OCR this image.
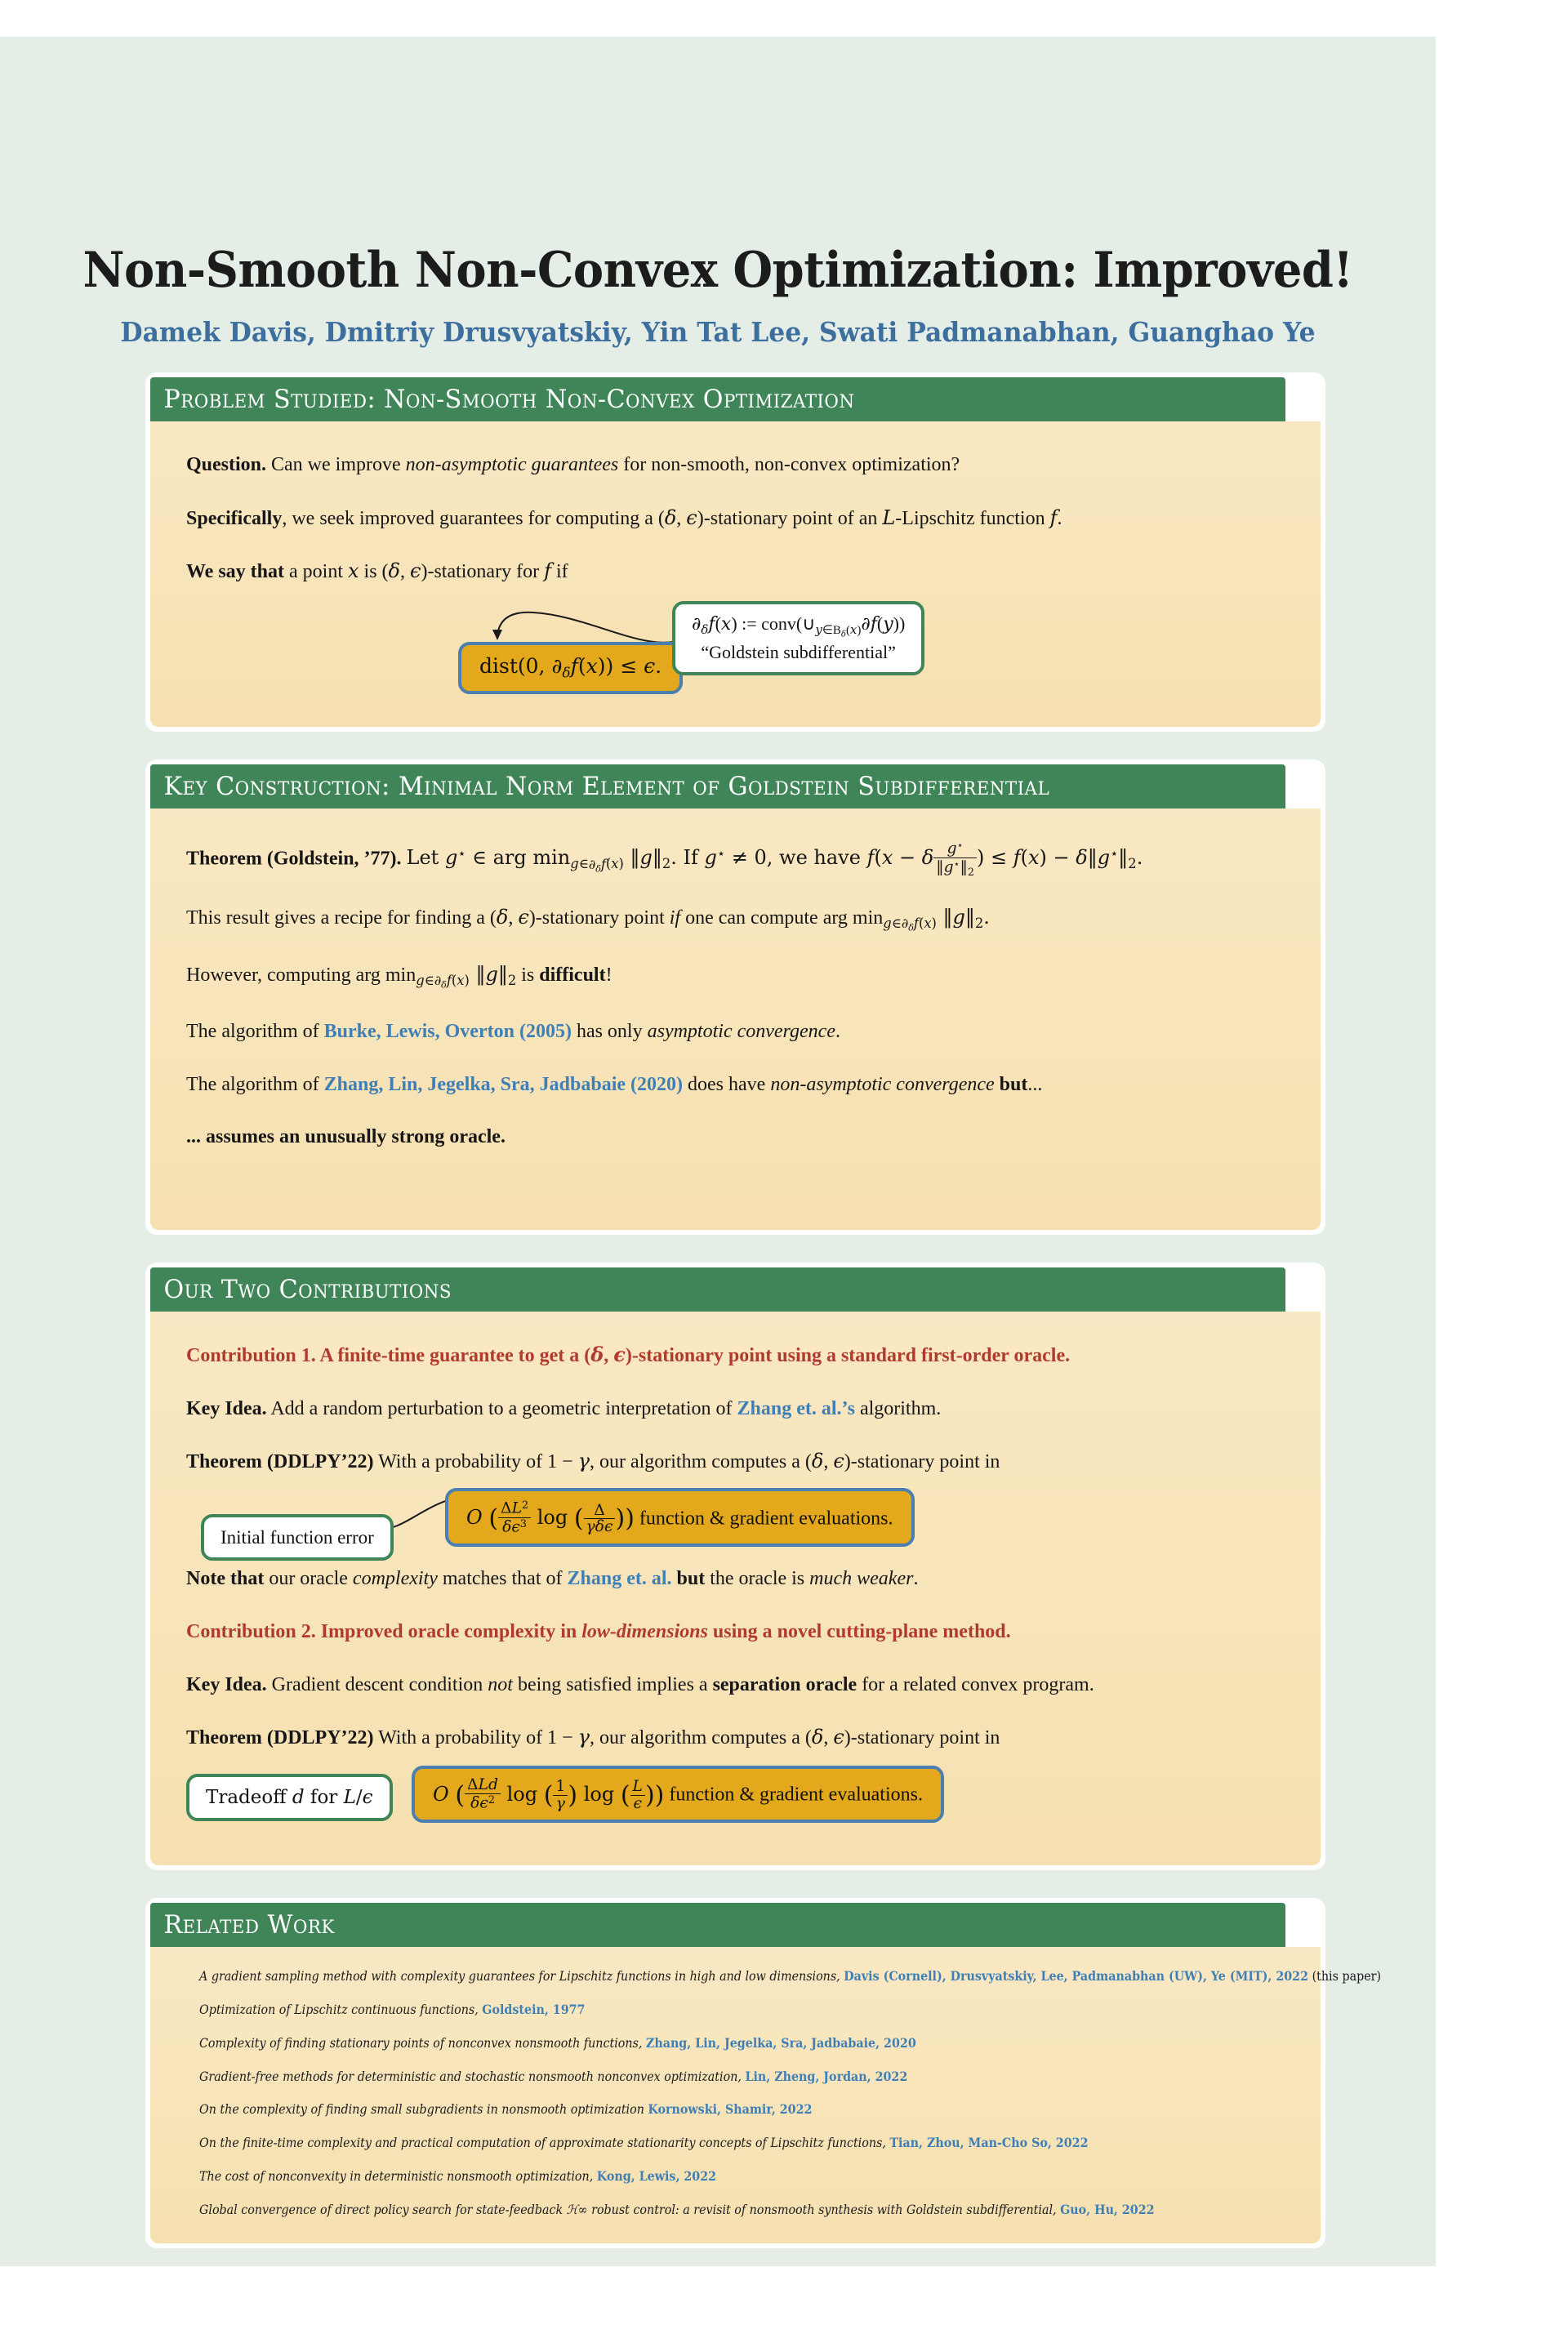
Non-Smooth Non-Convex Optimization: Improved!
Damek Davis, Dmitriy Drusvyatskiy, Yin Tat Lee, Swati Padmanabhan, Guanghao Ye
Problem Studied: Non-Smooth Non-Convex Optimization
Question. Can we improve non-asymptotic guarantees for non-smooth, non-convex optimization?
Specifically, we seek improved guarantees for computing a (δ, ϵ)-stationary point of an L-Lipschitz function f.
We say that a point x is (δ, ϵ)-stationary for f if
dist(0, $\partial_\delta f(x)) \le \epsilon$.
$\partial_\delta f(x)$ := $conv(\cup_{y\in B_\delta(x)}\partial f(y))$
“Goldstein subdifferential”
Key Construction: Minimal Norm Element of Goldstein Subdifferential
Theorem (Goldstein, ’77). Let g⋆ ∈ arg $\min_{g\in\partial_\delta f(x)}$ $‖g‖_2$. If g⋆ ≠ 0, we have f(x − δ $\frac{g^⋆}{‖g^⋆‖_2}$ ) ≤ $f(x) - \delta‖g^⋆‖_2$.
This result gives a recipe for finding a (δ, ϵ)-stationary point if one can compute arg $\min_{g\in\partial_\delta f(x)}$ $‖g‖_2$.
However, computing arg $\min_{g\in\partial_\delta f(x)}$ $‖g‖_2$ is difficult!
The algorithm of Burke, Lewis, Overton (2005) has only asymptotic convergence.
The algorithm of Zhang, Lin, Jegelka, Sra, Jadbabaie (2020) does have non-asymptotic convergence but...
... assumes an unusually strong oracle.
Our Two Contributions
Contribution 1. A finite-time guarantee to get a (δ, ϵ)-stationary point using a standard first-order oracle.
Key Idea. Add a random perturbation to a geometric interpretation of Zhang et. al.’s algorithm.
Theorem (DDLPY’22) With a probability of 1 − γ, our algorithm computes a (δ, ϵ)-stationary point in
Initial function error
O ( $\frac{\Delta L^2}{\delta\epsilon^3}$ log ( $\frac{\Delta}{\text{γδϵ}}$ )) function & gradient evaluations.
Note that our oracle complexity matches that of Zhang et. al. but the oracle is much weaker.
Contribution 2. Improved oracle complexity in low-dimensions using a novel cutting-plane method.
Key Idea. Gradient descent condition not being satisfied implies a separation oracle for a related convex program.
Theorem (DDLPY’22) With a probability of 1 − γ, our algorithm computes a (δ, ϵ)-stationary point in
Tradeoff d for L/ϵ	O ( $\frac{\text{ΔLd}}{\delta\epsilon^2}$ log ( $\frac{1}{\gamma}$ ) log ( $\frac{L}{\epsilon}$ )) function & gradient evaluations.
Related Work
A gradient sampling method with complexity guarantees for Lipschitz functions in high and low dimensions, Davis (Cornell), Drusvyatskiy, Lee, Padmanabhan (UW), Ye (MIT), 2022 (this paper)
Optimization of Lipschitz continuous functions, Goldstein, 1977
Complexity of finding stationary points of nonconvex nonsmooth functions, Zhang, Lin, Jegelka, Sra, Jadbabaie, 2020
Gradient-free methods for deterministic and stochastic nonsmooth nonconvex optimization, Lin, Zheng, Jordan, 2022
On the complexity of finding small subgradients in nonsmooth optimization Kornowski, Shamir, 2022
On the finite-time complexity and practical computation of approximate stationarity concepts of Lipschitz functions, Tian, Zhou, Man-Cho So, 2022
The cost of nonconvexity in deterministic nonsmooth optimization, Kong, Lewis, 2022
Global convergence of direct policy search for state-feedback ℋ∞ robust control: a revisit of nonsmooth synthesis with Goldstein subdifferential, Guo, Hu, 2022
